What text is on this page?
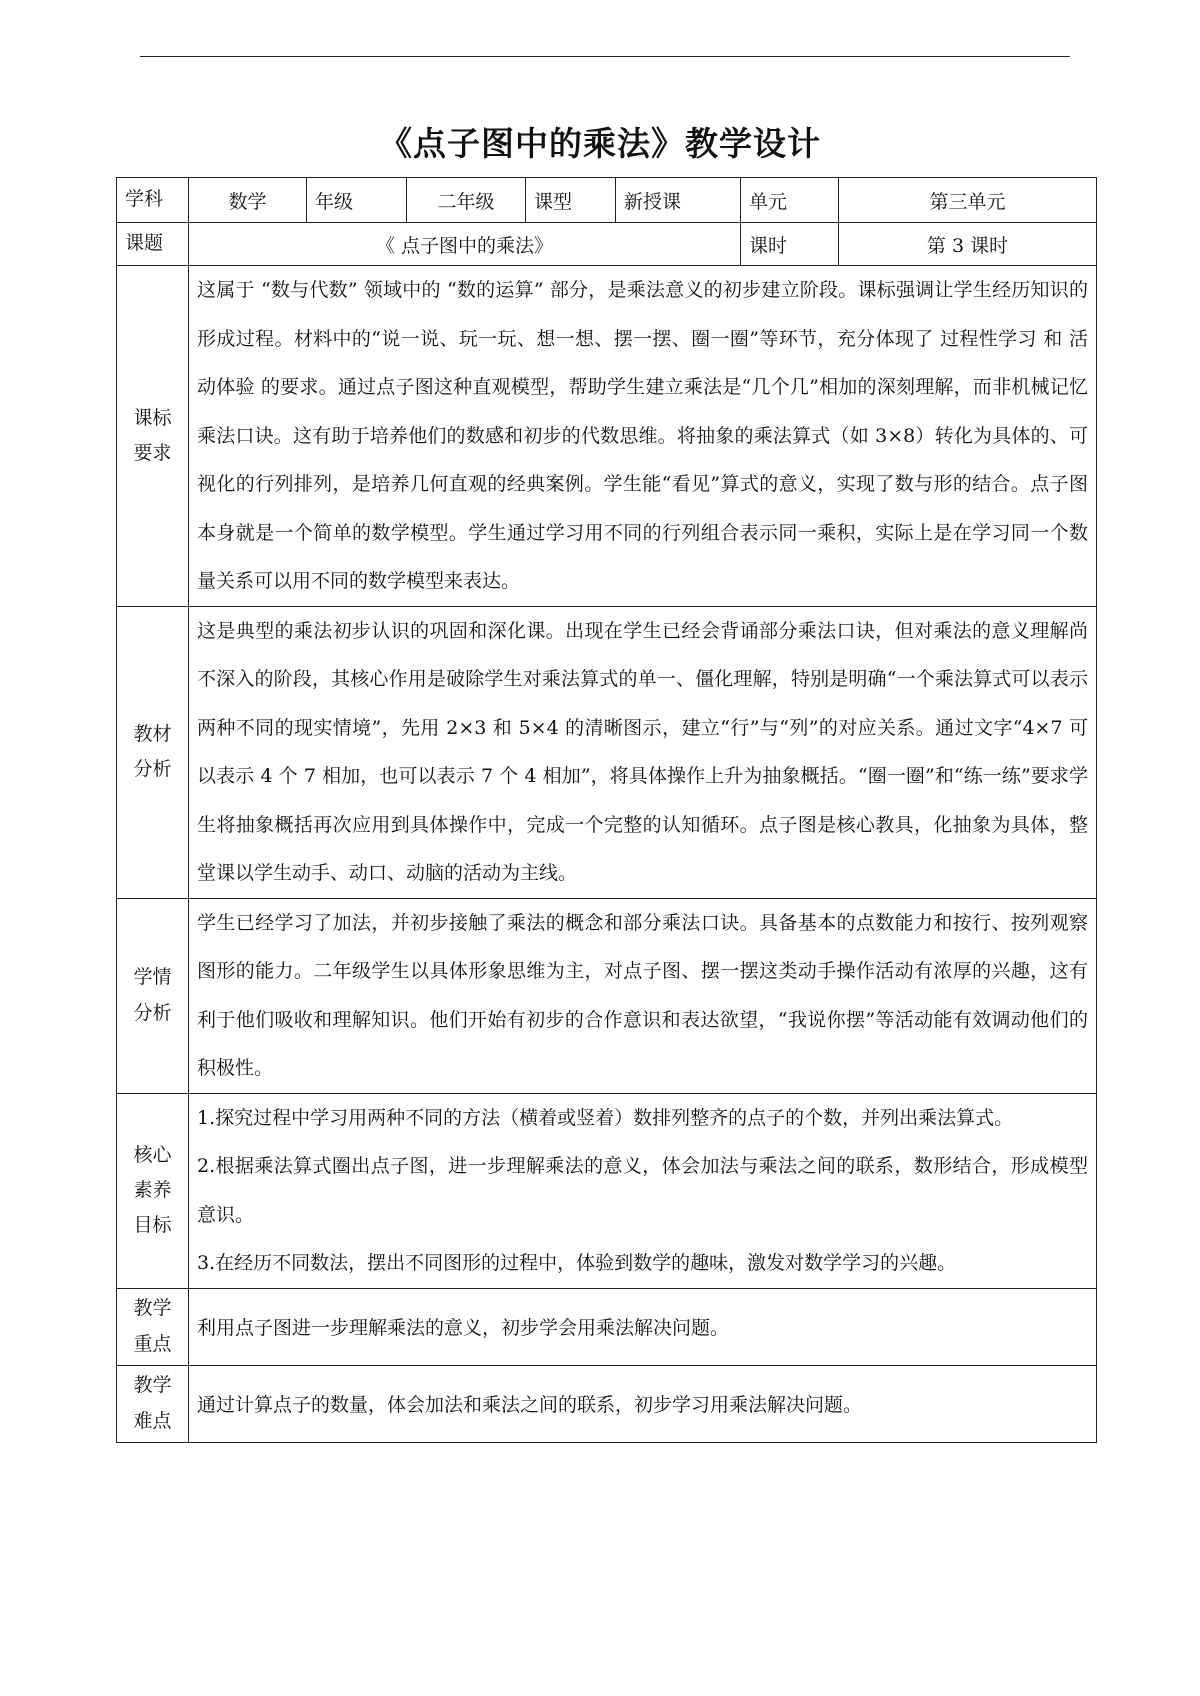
《点子图中的乘法》教学设计
学科	数学	年级	二年级	课型	新授课	单元	第三单元
课题	《 点子图中的乘法》					课时	第 3 课时
课标要求	这属于 “数与代数” 领域中的 “数的运算” 部分，是乘法意义的初步建立阶段。课标强调让学生经历知识的形成过程。材料中的“说一说、玩一玩、想一想、摆一摆、圈一圈”等环节，充分体现了 过程性学习 和 活动体验 的要求。通过点子图这种直观模型，帮助学生建立乘法是“几个几”相加的深刻理解，而非机械记忆乘法口诀。这有助于培养他们的数感和初步的代数思维。将抽象的乘法算式（如 3×8）转化为具体的、可视化的行列排列，是培养几何直观的经典案例。学生能“看见”算式的意义，实现了数与形的结合。点子图本身就是一个简单的数学模型。学生通过学习用不同的行列组合表示同一乘积，实际上是在学习同一个数量关系可以用不同的数学模型来表达。						

教材分析	这是典型的乘法初步认识的巩固和深化课。出现在学生已经会背诵部分乘法口诀，但对乘法的意义理解尚不深入的阶段，其核心作用是破除学生对乘法算式的单一、僵化理解，特别是明确“一个乘法算式可以表示两种不同的现实情境”，先用 2×3 和 5×4 的清晰图示，建立“行”与“列”的对应关系。通过文字“4×7 可以表示 4 个 7 相加，也可以表示 7 个 4 相加”，将具体操作上升为抽象概括。“圈一圈”和“练一练”要求学生将抽象概括再次应用到具体操作中，完成一个完整的认知循环。点子图是核心教具，化抽象为具体，整堂课以学生动手、动口、动脑的活动为主线。						

学情分析	学生已经学习了加法，并初步接触了乘法的概念和部分乘法口诀。具备基本的点数能力和按行、按列观察图形的能力。二年级学生以具体形象思维为主，对点子图、摆一摆这类动手操作活动有浓厚的兴趣，这有利于他们吸收和理解知识。他们开始有初步的合作意识和表达欲望，“我说你摆”等活动能有效调动他们的积极性。						

核心素养目标	1.探究过程中学习用两种不同的方法（横着或竖着）数排列整齐的点子的个数，并列出乘法算式。

2.根据乘法算式圈出点子图，进一步理解乘法的意义，体会加法与乘法之间的联系，数形结合，形成模型意识。

3.在经历不同数法，摆出不同图形的过程中，体验到数学的趣味，激发对数学学习的兴趣。						

教学重点	利用点子图进一步理解乘法的意义，初步学会用乘法解决问题。						
教学难点	通过计算点子的数量，体会加法和乘法之间的联系，初步学习用乘法解决问题。						
